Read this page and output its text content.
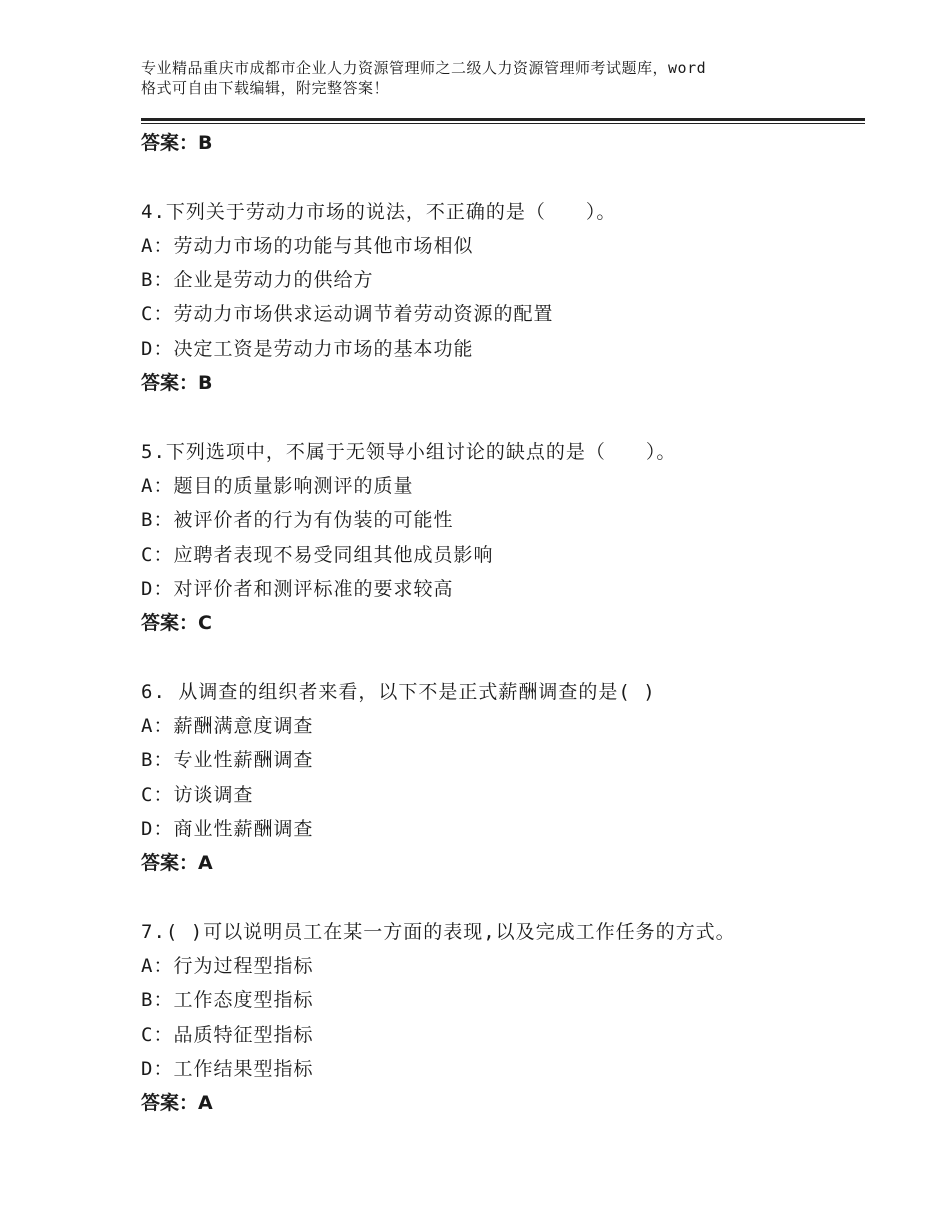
专业精品重庆市成都市企业人力资源管理师之二级人力资源管理师考试题库，word
格式可自由下载编辑，附完整答案！
答案：B
4.下列关于劳动力市场的说法，不正确的是（　　）。
A：劳动力市场的功能与其他市场相似
B：企业是劳动力的供给方
C：劳动力市场供求运动调节着劳动资源的配置
D：决定工资是劳动力市场的基本功能
答案：B
5.下列选项中，不属于无领导小组讨论的缺点的是（　　）。
A：题目的质量影响测评的质量
B：被评价者的行为有伪装的可能性
C：应聘者表现不易受同组其他成员影响
D：对评价者和测评标准的要求较高
答案：C
6. 从调查的组织者来看，以下不是正式薪酬调查的是( )
A：薪酬满意度调查
B：专业性薪酬调查
C：访谈调查
D：商业性薪酬调查
答案：A
7.( )可以说明员工在某一方面的表现,以及完成工作任务的方式。
A：行为过程型指标
B：工作态度型指标
C：品质特征型指标
D：工作结果型指标
答案：A
